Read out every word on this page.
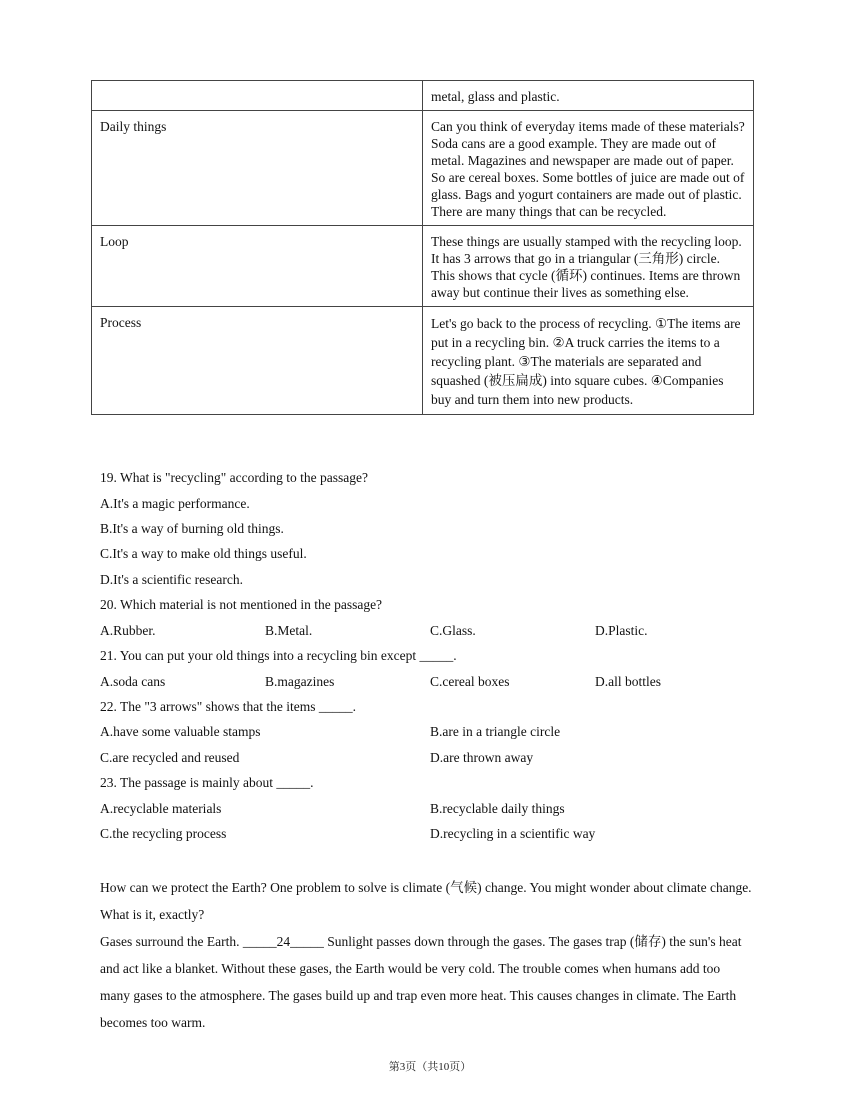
	metal, glass and plastic.
Daily things	Can you think of everyday items made of these materials? Soda cans are a good example. They are made out of metal. Magazines and newspaper are made out of paper. So are cereal boxes. Some bottles of juice are made out of glass. Bags and yogurt containers are made out of plastic. There are many things that can be recycled.
Loop	These things are usually stamped with the recycling loop. It has 3 arrows that go in a triangular (三角形) circle. This shows that cycle (循环) continues. Items are thrown away but continue their lives as something else.
Process	Let's go back to the process of recycling. ①The items are put in a recycling bin. ②A truck carries the items to a recycling plant. ③The materials are separated and squashed (被压扁成) into square cubes. ④Companies buy and turn them into new products.
19. What is "recycling" according to the passage?
A.It's a magic performance.
B.It's a way of burning old things.
C.It's a way to make old things useful.
D.It's a scientific research.
20. Which material is not mentioned in the passage?
A.Rubber.	B.Metal.	C.Glass.	D.Plastic.
21. You can put your old things into a recycling bin except _____.
A.soda cans	B.magazines	C.cereal boxes	D.all bottles
22. The "3 arrows" shows that the items _____.
A.have some valuable stamps	B.are in a triangle circle
C.are recycled and reused	D.are thrown away
23. The passage is mainly about _____.
A.recyclable materials	B.recyclable daily things
C.the recycling process	D.recycling in a scientific way
How can we protect the Earth? One problem to solve is climate (气候) change. You might wonder about climate change. What is it, exactly?
Gases surround the Earth. _____24_____ Sunlight passes down through the gases. The gases trap (储存) the sun's heat and act like a blanket. Without these gases, the Earth would be very cold. The trouble comes when humans add too many gases to the atmosphere. The gases build up and trap even more heat. This causes changes in climate. The Earth becomes too warm.
第3页（共10页）
